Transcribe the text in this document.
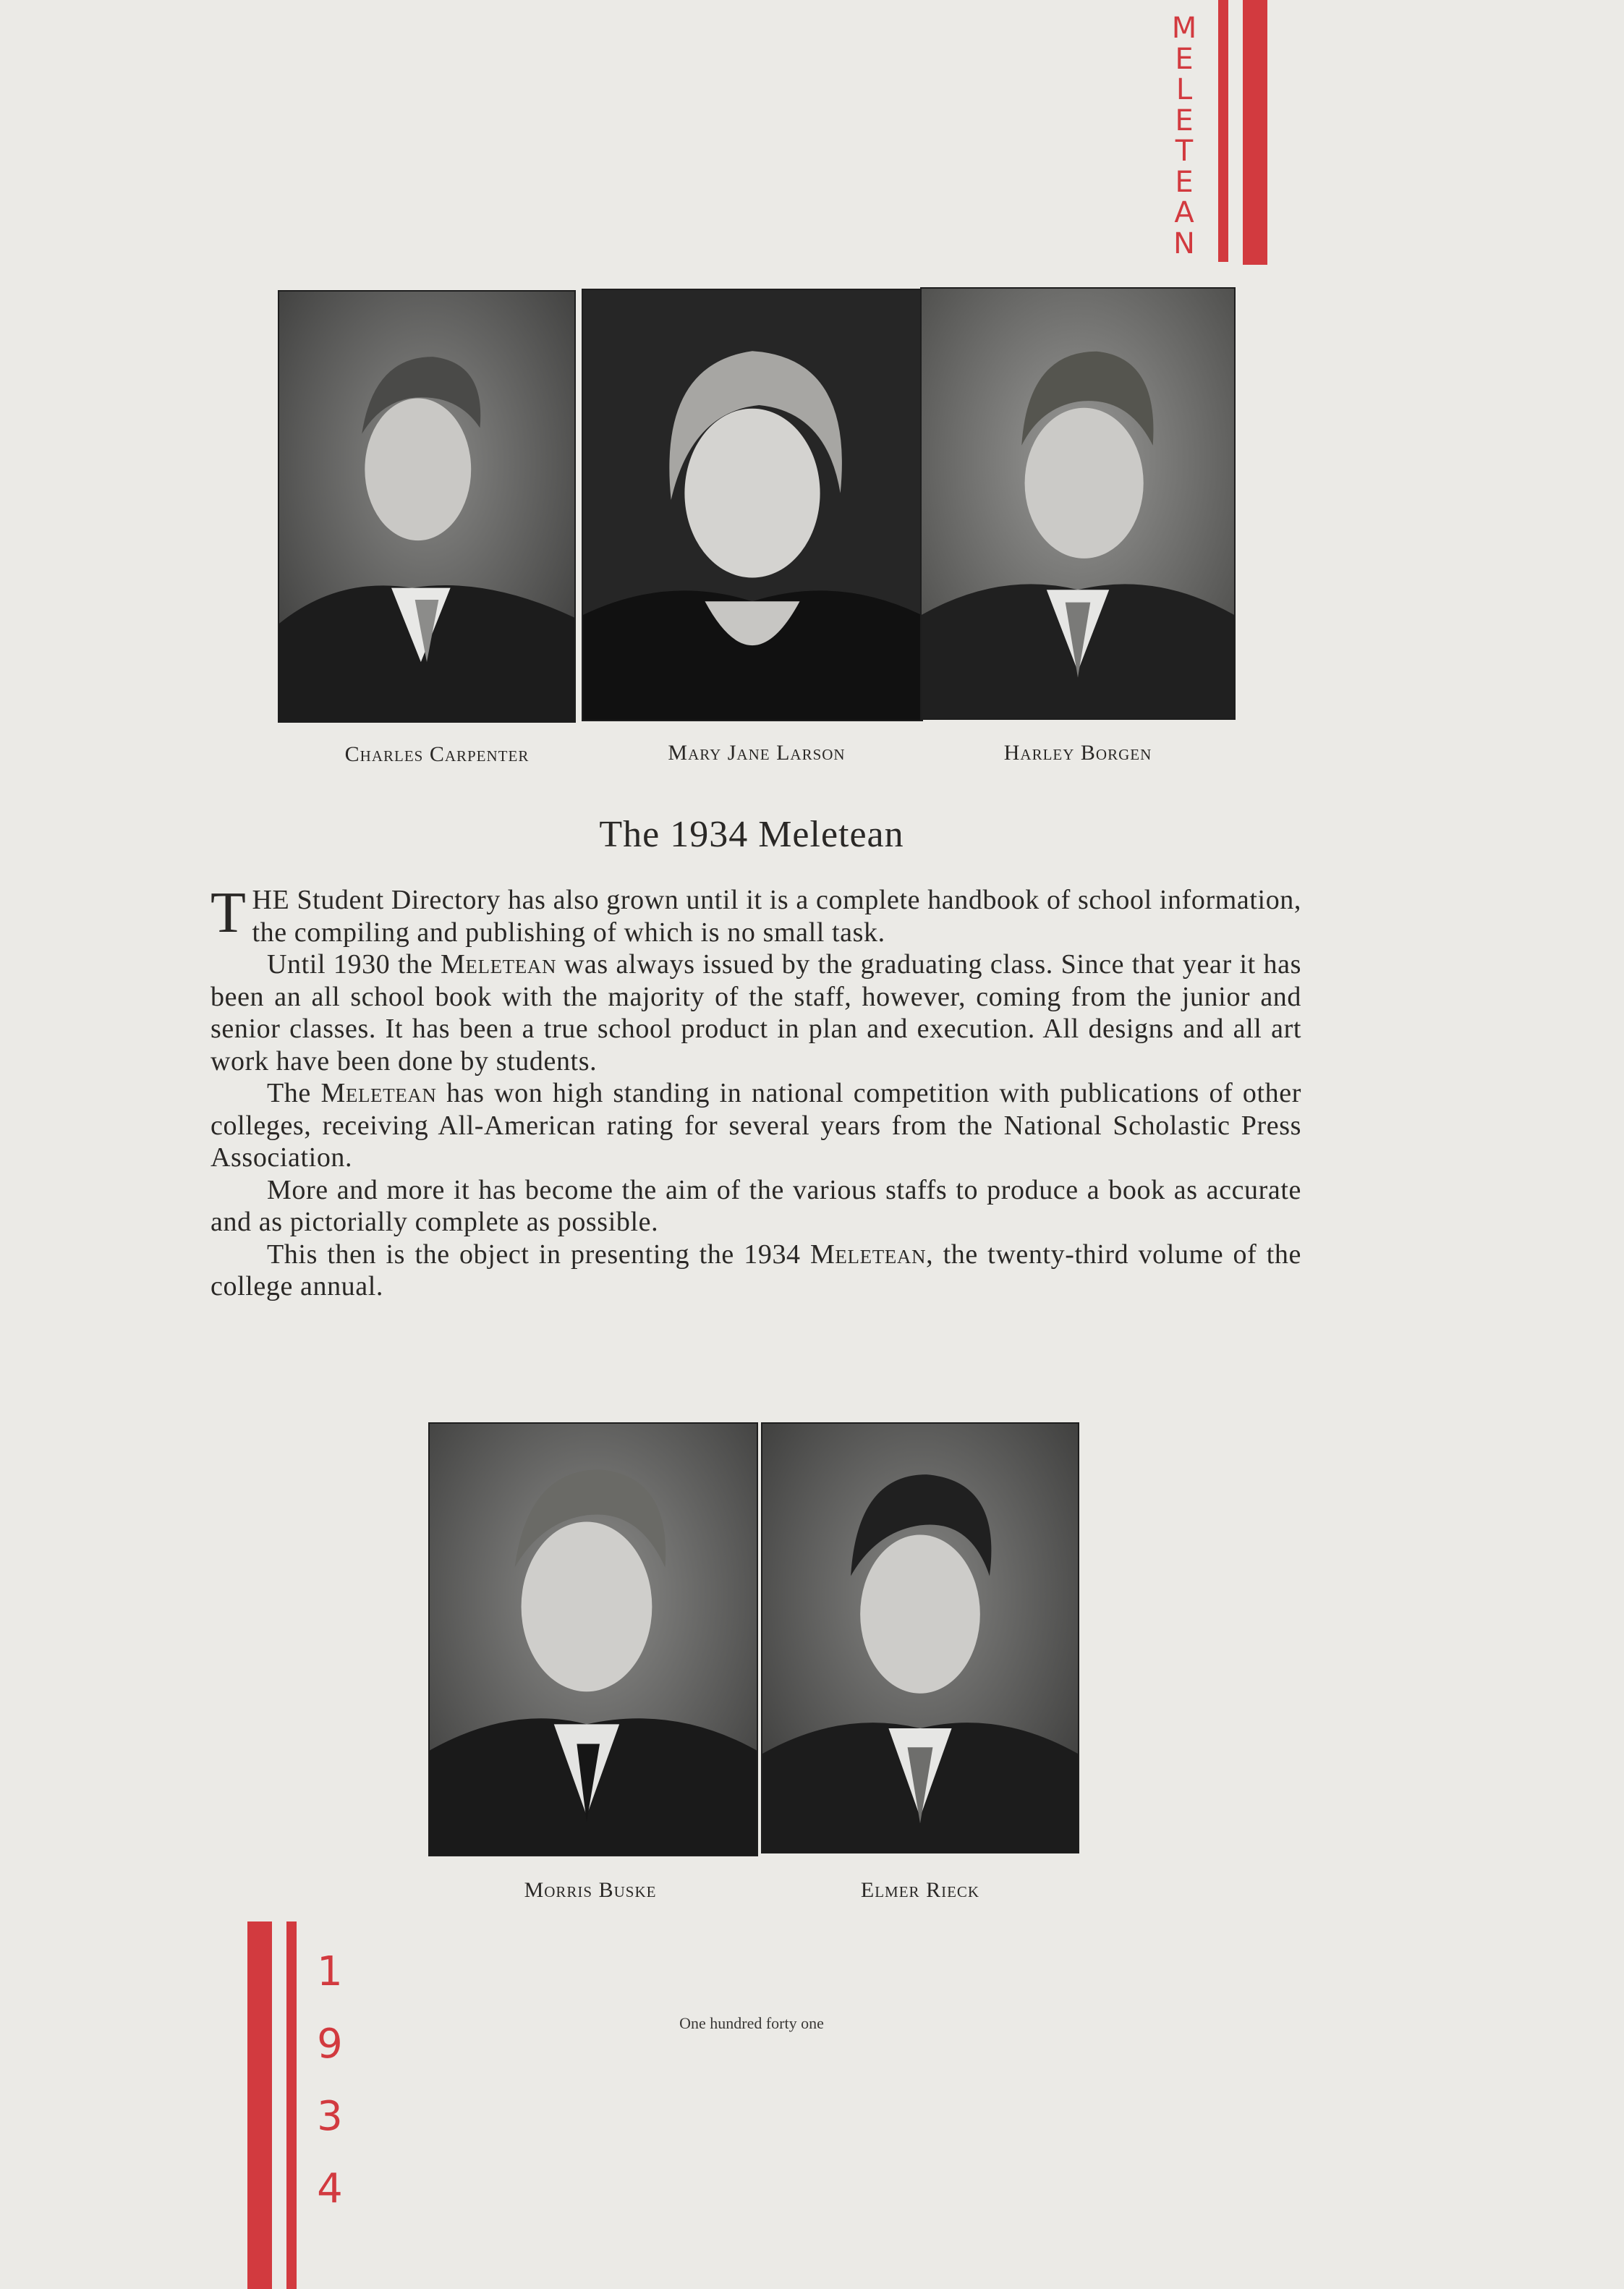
M
E
L
E
T
E
A
N
Charles Carpenter	Mary Jane Larson	Harley Borgen
The 1934 Meletean

THE Student Directory has also grown until it is a complete handbook of school information, the compiling and publishing of which is no small task.

Until 1930 the Meletean was always issued by the graduating class. Since that year it has been an all school book with the majority of the staff, however, coming from the junior and senior classes. It has been a true school product in plan and execution. All designs and all art work have been done by students.

The Meletean has won high standing in national competition with publications of other colleges, receiving All-American rating for several years from the National Scholastic Press Association.

More and more it has become the aim of the various staffs to produce a book as accurate and as pictorially complete as possible.

This then is the object in presenting the 1934 Meletean, the twenty-third volume of the college annual.

Morris Buske	Elmer Rieck
1
9
3
4
One hundred forty one
